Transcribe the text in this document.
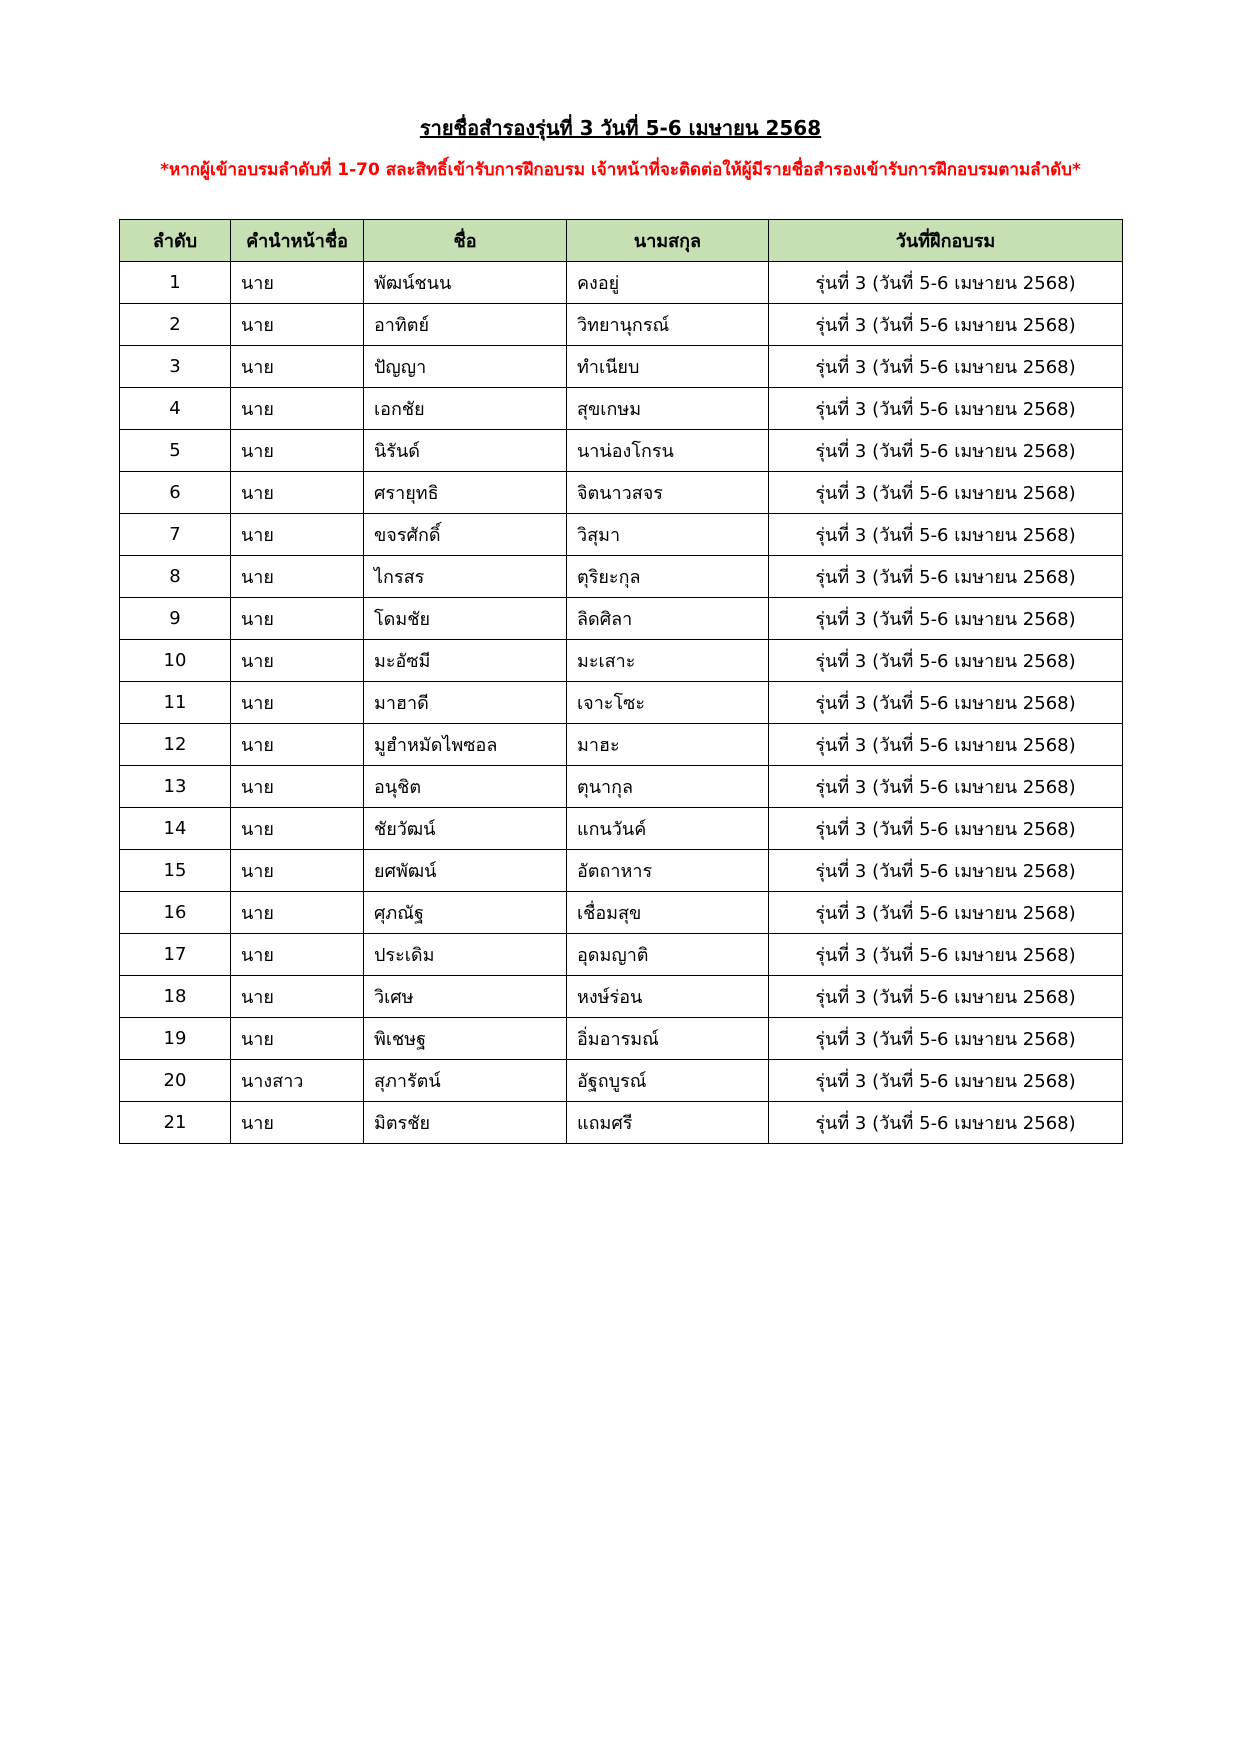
รายชื่อสำรองรุ่นที่ 3 วันที่ 5-6 เมษายน 2568
*หากผู้เข้าอบรมลำดับที่ 1-70 สละสิทธิ์เข้ารับการฝึกอบรม เจ้าหน้าที่จะติดต่อให้ผู้มีรายชื่อสำรองเข้ารับการฝึกอบรมตามลำดับ*
ลำดับ	คำนำหน้าชื่อ	ชื่อ	นามสกุล	วันที่ฝึกอบรม
1	นาย	พัฒน์ชนน	คงอยู่	รุ่นที่ 3 (วันที่ 5-6 เมษายน 2568)
2	นาย	อาทิตย์	วิทยานุกรณ์	รุ่นที่ 3 (วันที่ 5-6 เมษายน 2568)
3	นาย	ปัญญา	ทำเนียบ	รุ่นที่ 3 (วันที่ 5-6 เมษายน 2568)
4	นาย	เอกชัย	สุขเกษม	รุ่นที่ 3 (วันที่ 5-6 เมษายน 2568)
5	นาย	นิรันด์	นาน่องโกรน	รุ่นที่ 3 (วันที่ 5-6 เมษายน 2568)
6	นาย	ศรายุทธิ	จิตนาวสจร	รุ่นที่ 3 (วันที่ 5-6 เมษายน 2568)
7	นาย	ขจรศักดิ์	วิสุมา	รุ่นที่ 3 (วันที่ 5-6 เมษายน 2568)
8	นาย	ไกรสร	ตุริยะกุล	รุ่นที่ 3 (วันที่ 5-6 เมษายน 2568)
9	นาย	โดมชัย	ลิดศิลา	รุ่นที่ 3 (วันที่ 5-6 เมษายน 2568)
10	นาย	มะอัซมี	มะเสาะ	รุ่นที่ 3 (วันที่ 5-6 เมษายน 2568)
11	นาย	มาฮาดี	เจาะโซะ	รุ่นที่ 3 (วันที่ 5-6 เมษายน 2568)
12	นาย	มูฮำหมัดไพซอล	มาฮะ	รุ่นที่ 3 (วันที่ 5-6 เมษายน 2568)
13	นาย	อนุชิต	ตุนากุล	รุ่นที่ 3 (วันที่ 5-6 เมษายน 2568)
14	นาย	ชัยวัฒน์	แกนวันค์	รุ่นที่ 3 (วันที่ 5-6 เมษายน 2568)
15	นาย	ยศพัฒน์	อัตถาหาร	รุ่นที่ 3 (วันที่ 5-6 เมษายน 2568)
16	นาย	ศุภณัฐ	เชื่อมสุข	รุ่นที่ 3 (วันที่ 5-6 เมษายน 2568)
17	นาย	ประเดิม	อุดมญาติ	รุ่นที่ 3 (วันที่ 5-6 เมษายน 2568)
18	นาย	วิเศษ	หงษ์ร่อน	รุ่นที่ 3 (วันที่ 5-6 เมษายน 2568)
19	นาย	พิเชษฐ	อิ่มอารมณ์	รุ่นที่ 3 (วันที่ 5-6 เมษายน 2568)
20	นางสาว	สุภารัตน์	อัฐถบูรณ์	รุ่นที่ 3 (วันที่ 5-6 เมษายน 2568)
21	นาย	มิตรชัย	แถมศรี	รุ่นที่ 3 (วันที่ 5-6 เมษายน 2568)
